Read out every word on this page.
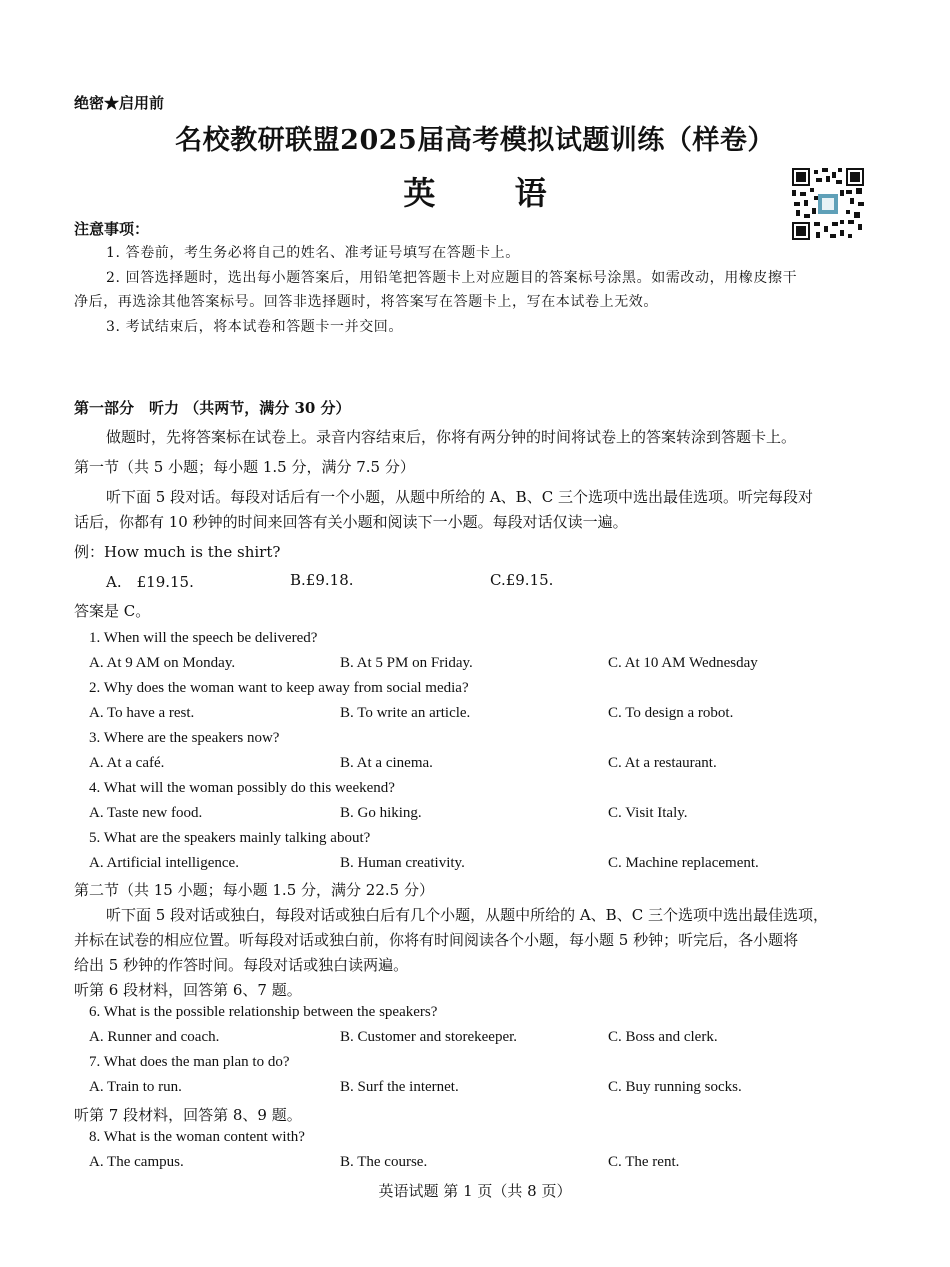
绝密★启用前
名校教研联盟2025届高考模拟试题训练（样卷）
英 语
注意事项：
1. 答卷前，考生务必将自己的姓名、准考证号填写在答题卡上。
2. 回答选择题时，选出每小题答案后，用铅笔把答题卡上对应题目的答案标号涂黑。如需改动，用橡皮擦干
净后，再选涂其他答案标号。回答非选择题时，将答案写在答题卡上，写在本试卷上无效。
3. 考试结束后，将本试卷和答题卡一并交回。
第一部分　听力 （共两节，满分 30 分）
做题时，先将答案标在试卷上。录音内容结束后，你将有两分钟的时间将试卷上的答案转涂到答题卡上。
第一节（共 5 小题；每小题 1.5 分，满分 7.5 分）
听下面 5 段对话。每段对话后有一个小题，从题中所给的 A、B、C 三个选项中选出最佳选项。听完每段对
话后，你都有 10 秒钟的时间来回答有关小题和阅读下一小题。每段对话仅读一遍。
例：How much is the shirt?
A.　£19.15.	B.£9.18.	C.£9.15.
答案是 C。
1. When will the speech be delivered?
A. At 9 AM on Monday.	B. At 5 PM on Friday.	C. At 10 AM Wednesday
2. Why does the woman want to keep away from social media?
A. To have a rest.	B. To write an article.	C. To design a robot.
3. Where are the speakers now?
A. At a café.	B. At a cinema.	C. At a restaurant.
4. What will the woman possibly do this weekend?
A. Taste new food.	B. Go hiking.	C. Visit Italy.
5. What are the speakers mainly talking about?
A. Artificial intelligence.	B. Human creativity.	C. Machine replacement.
第二节（共 15 小题；每小题 1.5 分，满分 22.5 分）
听下面 5 段对话或独白，每段对话或独白后有几个小题，从题中所给的 A、B、C 三个选项中选出最佳选项，
并标在试卷的相应位置。听每段对话或独白前，你将有时间阅读各个小题，每小题 5 秒钟；听完后，各小题将
给出 5 秒钟的作答时间。每段对话或独白读两遍。
听第 6 段材料，回答第 6、7 题。
6. What is the possible relationship between the speakers?
A. Runner and coach.	B. Customer and storekeeper.	C. Boss and clerk.
7. What does the man plan to do?
A. Train to run.	B. Surf the internet.	C. Buy running socks.
听第 7 段材料，回答第 8、9 题。
8. What is the woman content with?
A. The campus.	B. The course.	C. The rent.
英语试题 第 1 页（共 8 页）
